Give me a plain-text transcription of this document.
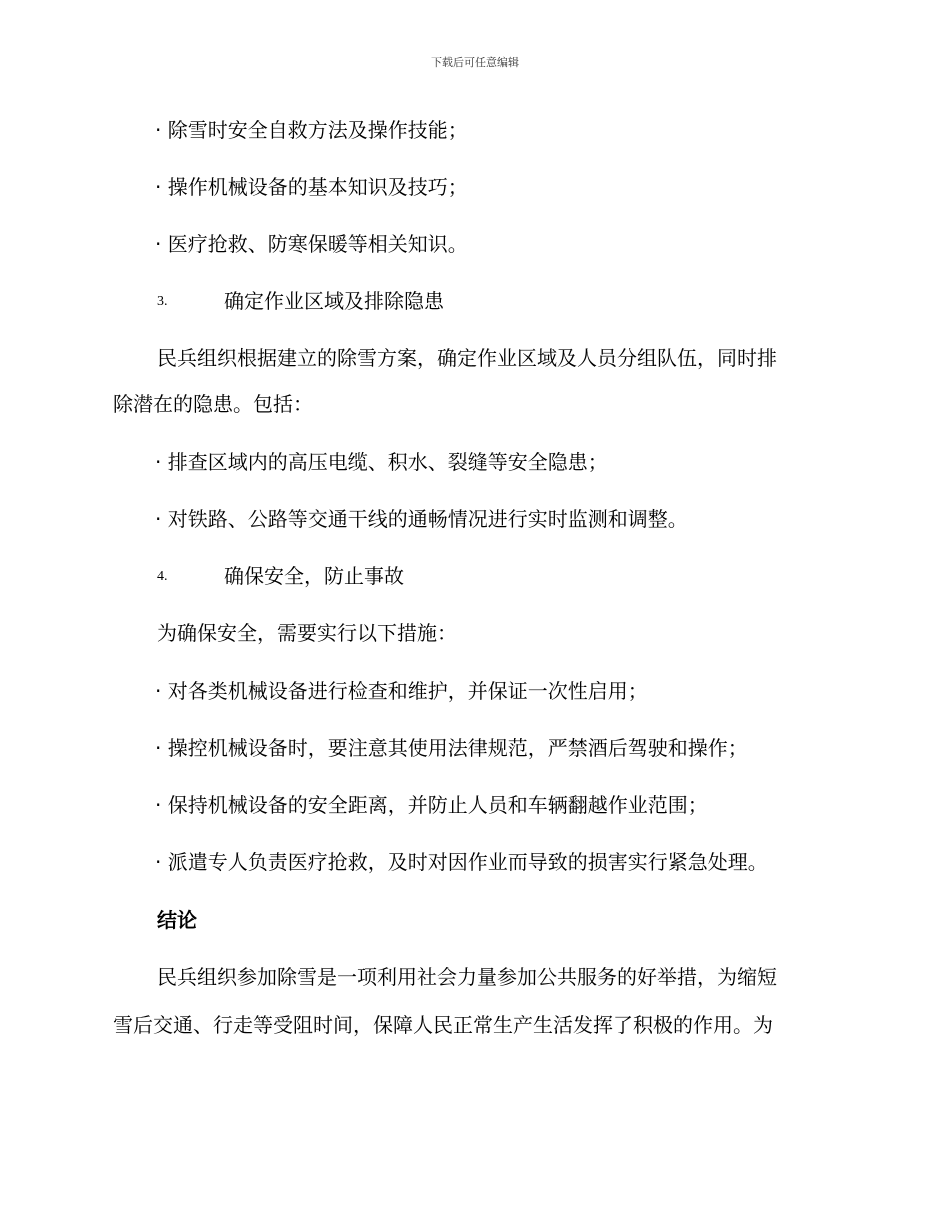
下载后可任意编辑
· 除雪时安全自救方法及操作技能；
· 操作机械设备的基本知识及技巧；
· 医疗抢救、防寒保暖等相关知识。
3.	确定作业区域及排除隐患
民兵组织根据建立的除雪方案，确定作业区域及人员分组队伍，同时排
除潜在的隐患。包括：
· 排查区域内的高压电缆、积水、裂缝等安全隐患；
· 对铁路、公路等交通干线的通畅情况进行实时监测和调整。
4.	确保安全，防止事故
为确保安全，需要实行以下措施：
· 对各类机械设备进行检查和维护，并保证一次性启用；
· 操控机械设备时，要注意其使用法律规范，严禁酒后驾驶和操作；
· 保持机械设备的安全距离，并防止人员和车辆翻越作业范围；
· 派遣专人负责医疗抢救，及时对因作业而导致的损害实行紧急处理。
结论
民兵组织参加除雪是一项利用社会力量参加公共服务的好举措，为缩短
雪后交通、行走等受阻时间，保障人民正常生产生活发挥了积极的作用。为
